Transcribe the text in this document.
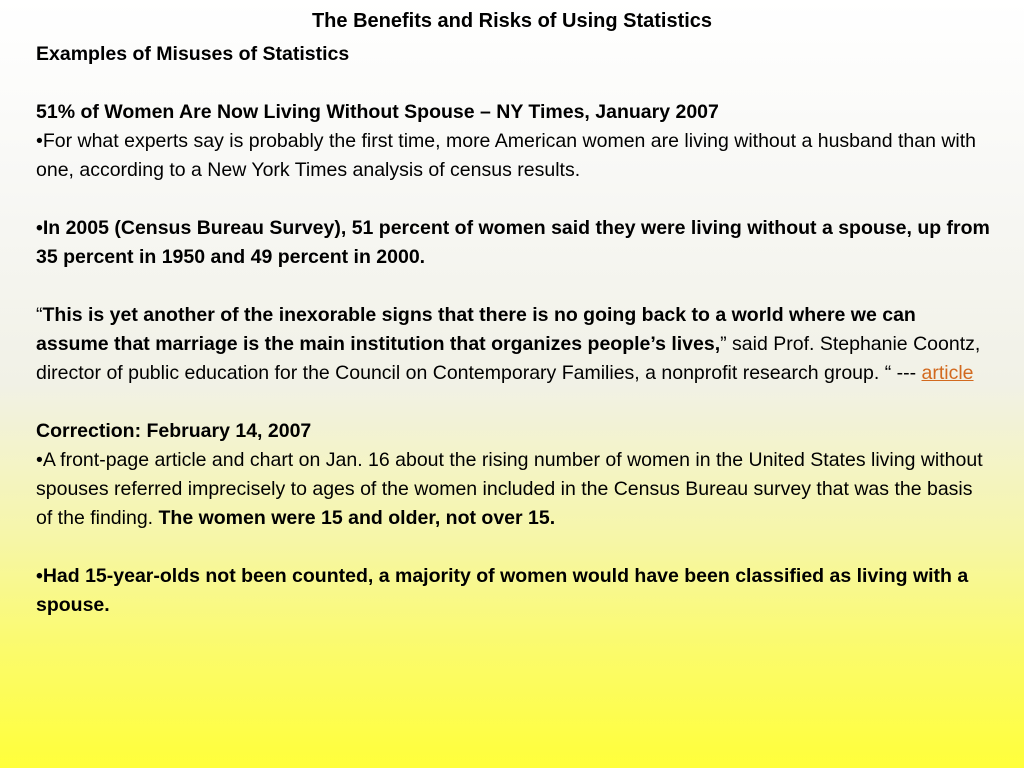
The Benefits and Risks of Using Statistics

Examples of Misuses of Statistics

51% of Women Are Now Living Without Spouse – NY Times, January 2007

•For what experts say is probably the first time, more American women are living without a husband than with one, according to a New York Times analysis of census results.

•In 2005 (Census Bureau Survey), 51 percent of women said they were living without a spouse, up from 35 percent in 1950 and 49 percent in 2000.

“This is yet another of the inexorable signs that there is no going back to a world where we can assume that marriage is the main institution that organizes people’s lives,” said Prof. Stephanie Coontz, director of public education for the Council on Contemporary Families, a nonprofit research group. “ --- article

Correction: February 14, 2007

•A front-page article and chart on Jan. 16 about the rising number of women in the United States living without spouses referred imprecisely to ages of the women included in the Census Bureau survey that was the basis of the finding. The women were 15 and older, not over 15.

•Had 15-year-olds not been counted, a majority of women would have been classified as living with a spouse.
